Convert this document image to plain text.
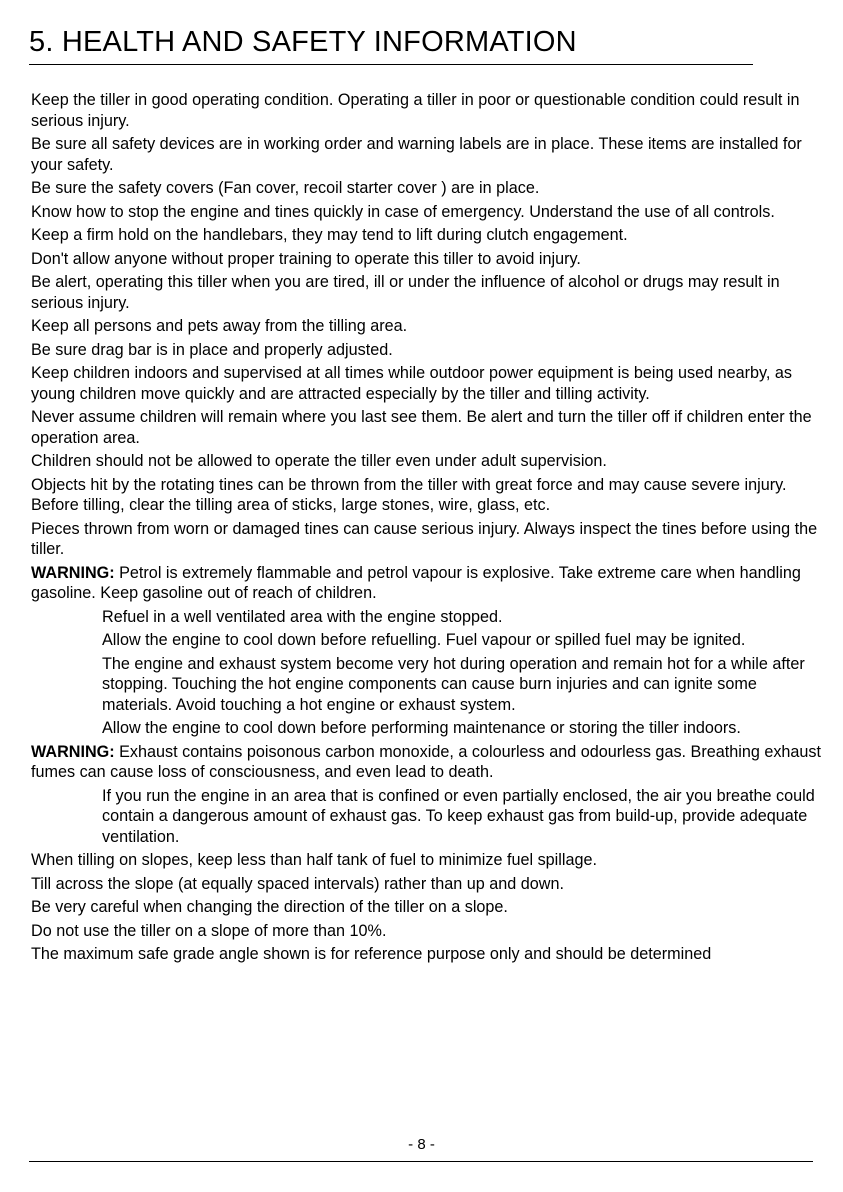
5. HEALTH AND SAFETY INFORMATION
Keep the tiller in good operating condition. Operating a tiller in poor or questionable condition could result in serious injury.
Be sure all safety devices are in working order and warning labels are in place. These items are installed for your safety.
Be sure the safety covers (Fan cover, recoil starter cover ) are in place.
Know how to stop the engine and tines quickly in case of emergency. Understand the use of all controls.
Keep a firm hold on the handlebars, they may tend to lift during clutch engagement.
Don't allow anyone without proper training to operate this tiller to avoid injury.
Be alert, operating this tiller when you are tired, ill or under the influence of alcohol or drugs may result in serious injury.
Keep all persons and pets away from the tilling area.
Be sure drag bar is in place and properly adjusted.
Keep children indoors and supervised at all times while outdoor power equipment is being used nearby, as young children move quickly and are attracted especially by the tiller and tilling activity.
Never assume children will remain where you last see them. Be alert and turn the tiller off if children enter the operation area.
Children should not be allowed to operate the tiller even under adult supervision.
Objects hit by the rotating tines can be thrown from the tiller with great force and may cause severe injury. Before tilling, clear the tilling area of sticks, large stones, wire, glass, etc.
Pieces thrown from worn or damaged tines can cause serious injury. Always inspect the tines before using the tiller.
WARNING: Petrol is extremely flammable and petrol vapour is explosive. Take extreme care when handling gasoline. Keep gasoline out of reach of children.
Refuel in a well ventilated area with the engine stopped.
Allow the engine to cool down before refuelling. Fuel vapour or spilled fuel may be ignited.
The engine and exhaust system become very hot during operation and remain hot for a while after stopping. Touching the hot engine components can cause burn injuries and can ignite some materials. Avoid touching a hot engine or exhaust system.
Allow the engine to cool down before performing maintenance or storing the tiller indoors.
WARNING: Exhaust contains poisonous carbon monoxide, a colourless and odourless gas. Breathing exhaust fumes can cause loss of consciousness, and even lead to death.
If you run the engine in an area that is confined or even partially enclosed, the air you breathe could contain a dangerous amount of exhaust gas. To keep exhaust gas from build-up, provide adequate ventilation.
When tilling on slopes, keep less than half tank of fuel to minimize fuel spillage.
Till across the slope (at equally spaced intervals) rather than up and down.
Be very careful when changing the direction of the tiller on a slope.
Do not use the tiller on a slope of more than 10%.
The maximum safe grade angle shown is for reference purpose only and should be determined
- 8 -
